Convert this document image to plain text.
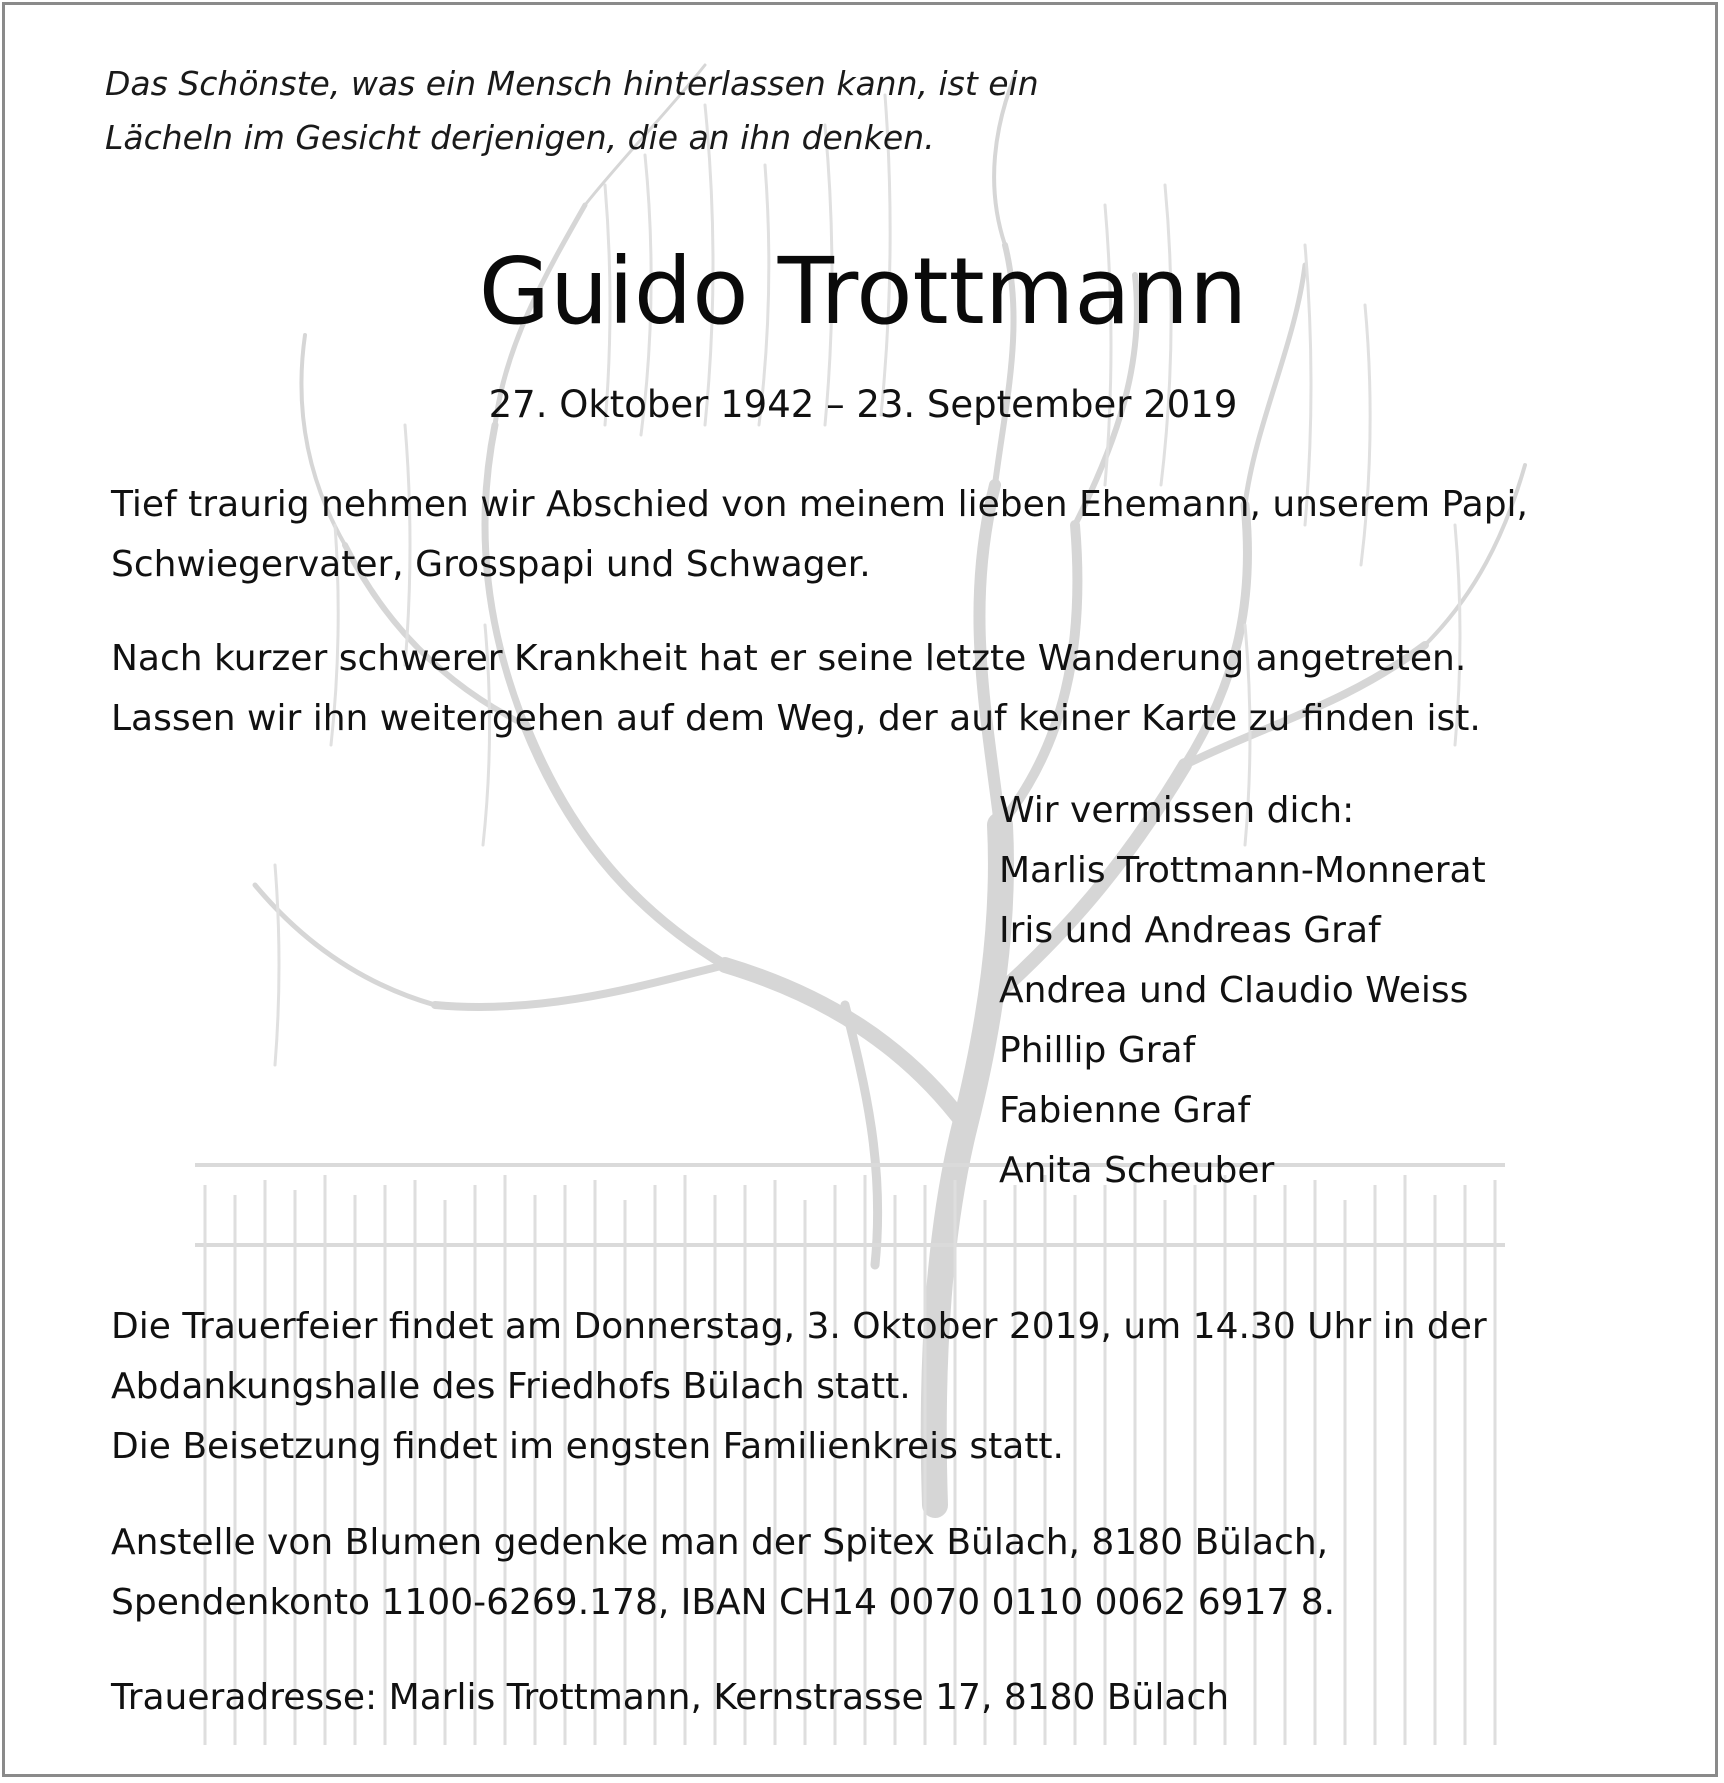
Das Schönste, was ein Mensch hinterlassen kann, ist ein
Lächeln im Gesicht derjenigen, die an ihn denken.

Guido Trottmann

27. Oktober 1942 – 23. September 2019

Tief traurig nehmen wir Abschied von meinem lieben Ehemann, unserem Papi,
Schwiegervater, Grosspapi und Schwager.

Nach kurzer schwerer Krankheit hat er seine letzte Wanderung angetreten.
Lassen wir ihn weitergehen auf dem Weg, der auf keiner Karte zu finden ist.

Wir vermissen dich:
Marlis Trottmann-Monnerat
Iris und Andreas Graf
Andrea und Claudio Weiss
Phillip Graf
Fabienne Graf
Anita Scheuber

Die Trauerfeier findet am Donnerstag, 3. Oktober 2019, um 14.30 Uhr in der
Abdankungshalle des Friedhofs Bülach statt.
Die Beisetzung findet im engsten Familienkreis statt.

Anstelle von Blumen gedenke man der Spitex Bülach, 8180 Bülach,
Spendenkonto 1100-6269.178, IBAN CH14 0070 0110 0062 6917 8.

Traueradresse: Marlis Trottmann, Kernstrasse 17, 8180 Bülach
